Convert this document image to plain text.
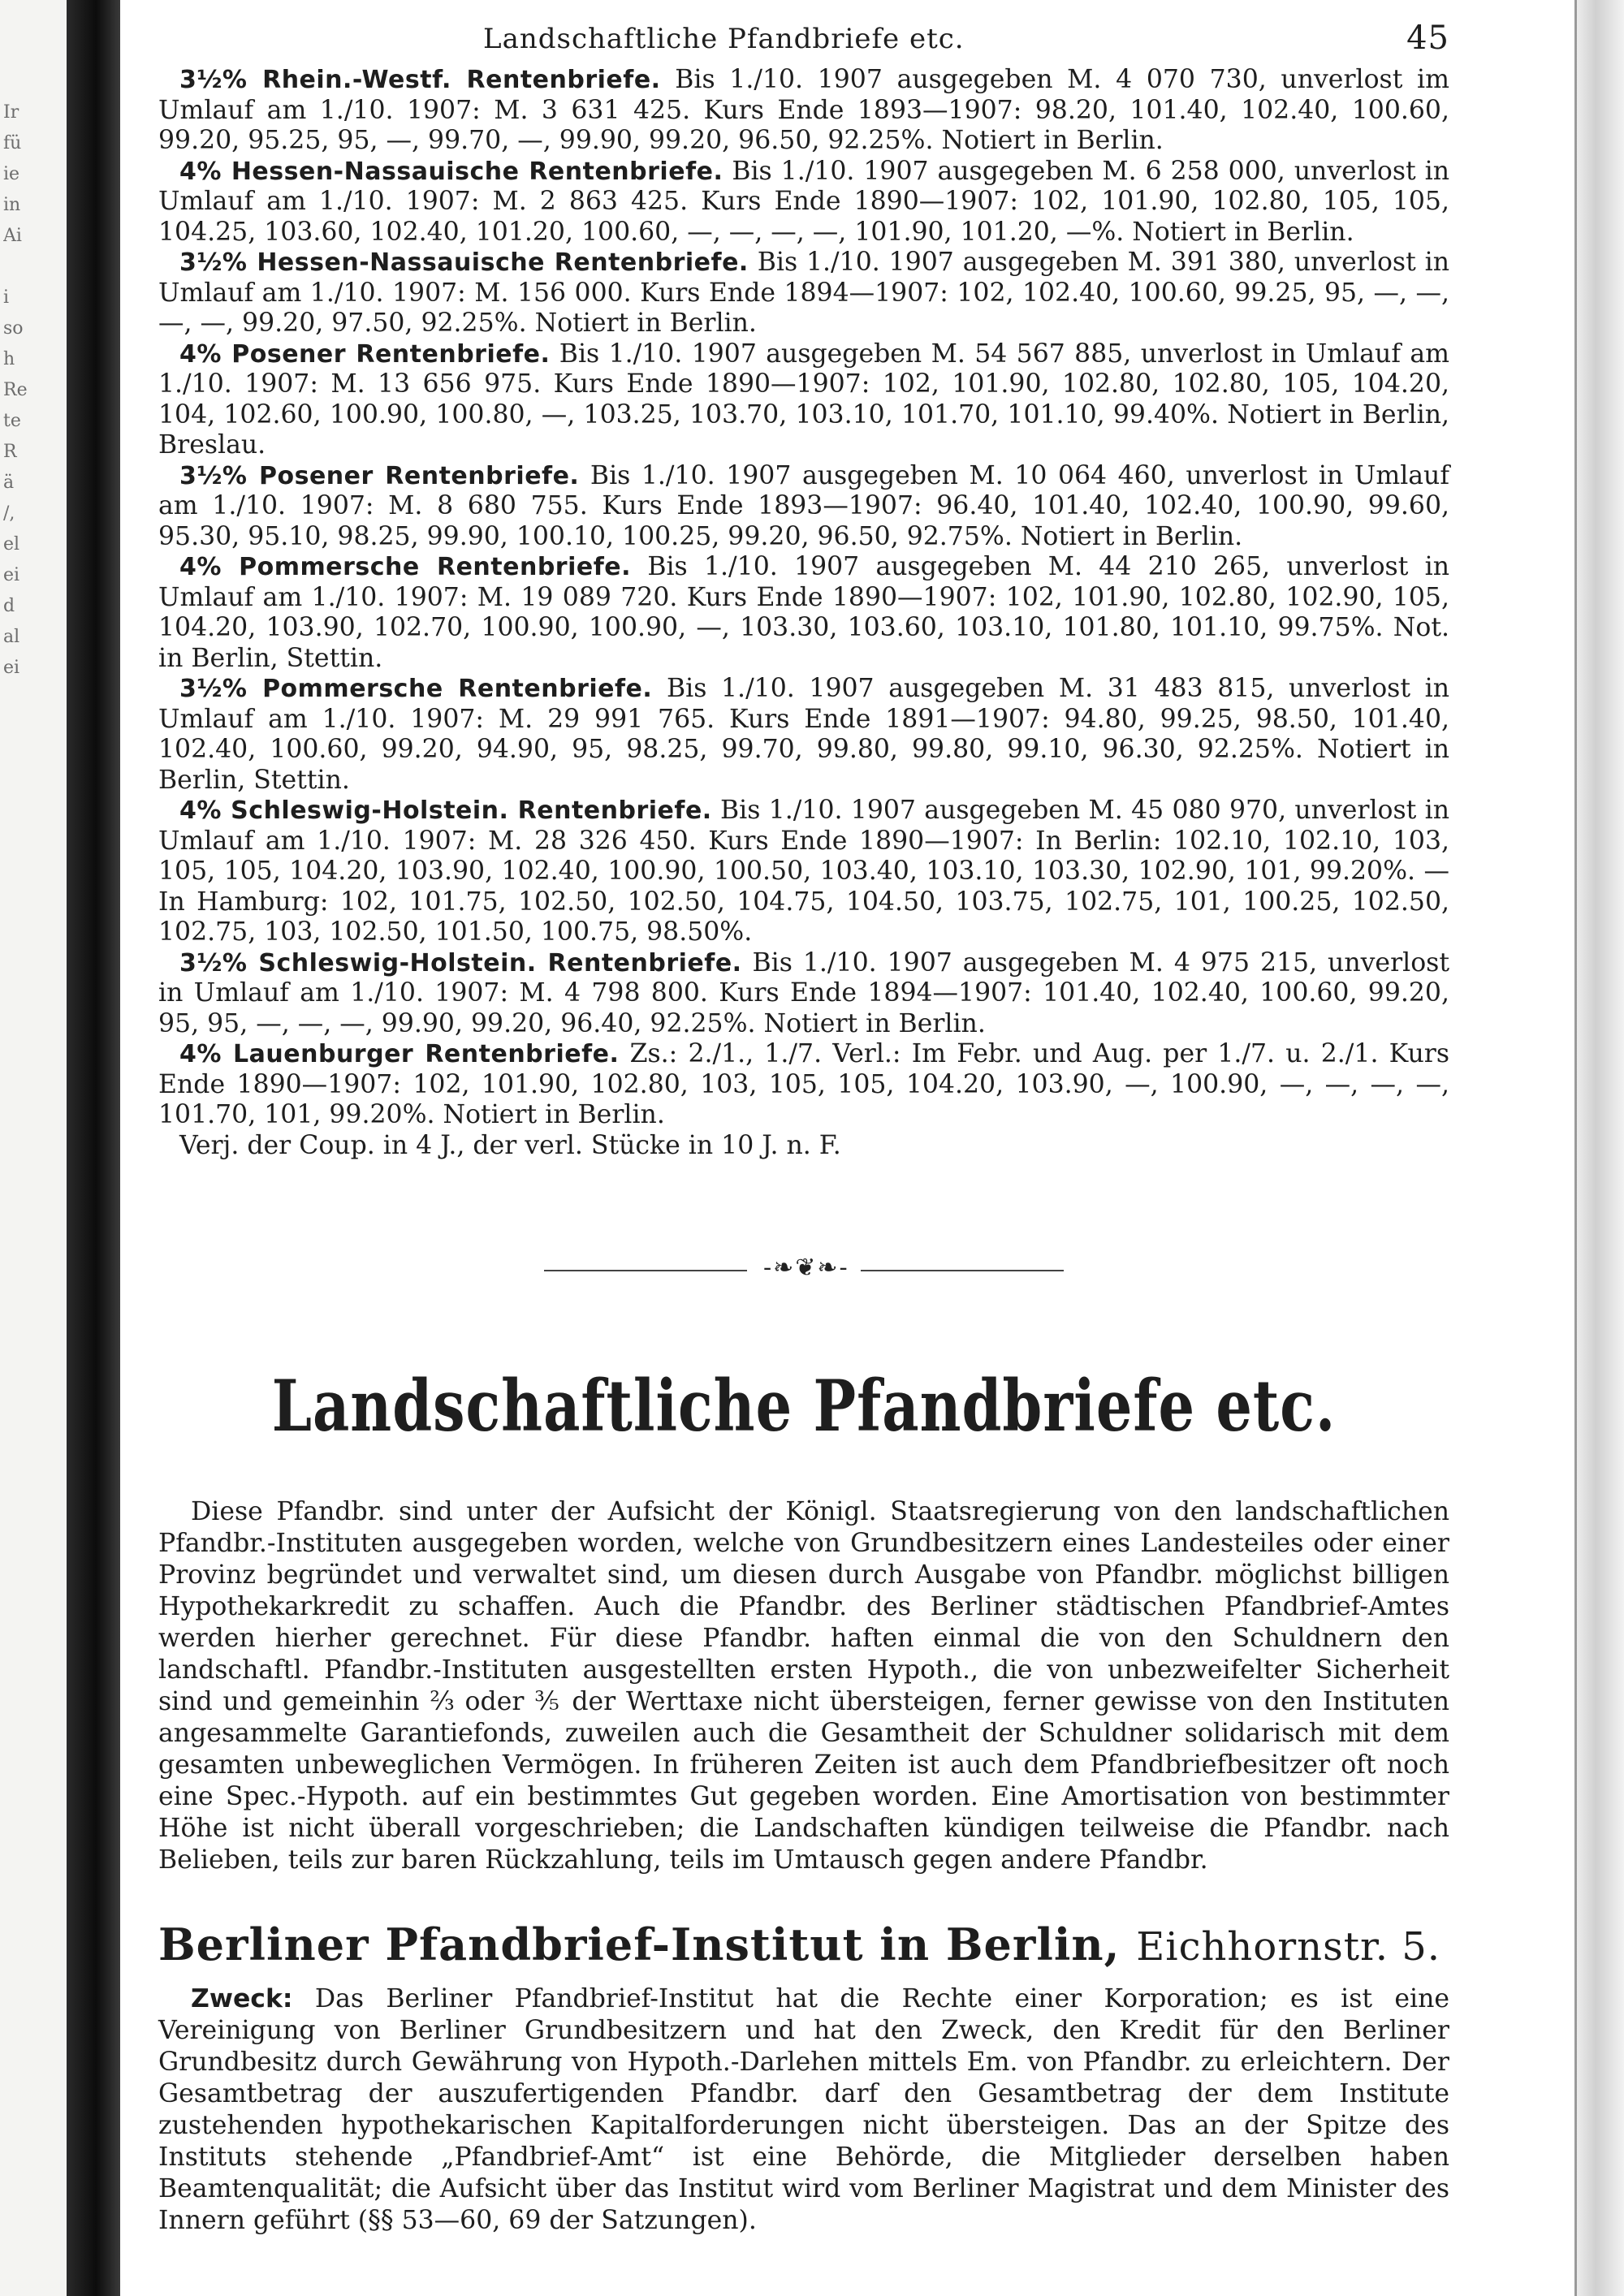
Ir
fü
ie
in
Ai

i
so
h
Re
te
R
ä
/,
el
ei
d
al
ei
Landschaftliche Pfandbriefe etc.	45

3½% Rhein.-Westf. Rentenbriefe. Bis 1./10. 1907 ausgegeben M. 4 070 730, unverlost im Umlauf am 1./10. 1907: M. 3 631 425. Kurs Ende 1893—1907: 98.20, 101.40, 102.40, 100.60, 99.20, 95.25, 95, —, 99.70, —, 99.90, 99.20, 96.50, 92.25%. Notiert in Berlin.

4% Hessen-Nassauische Rentenbriefe. Bis 1./10. 1907 ausgegeben M. 6 258 000, unverlost in Umlauf am 1./10. 1907: M. 2 863 425. Kurs Ende 1890—1907: 102, 101.90, 102.80, 105, 105, 104.25, 103.60, 102.40, 101.20, 100.60, —, —, —, —, 101.90, 101.20, —%. Notiert in Berlin.

3½% Hessen-Nassauische Rentenbriefe. Bis 1./10. 1907 ausgegeben M. 391 380, unverlost in Umlauf am 1./10. 1907: M. 156 000. Kurs Ende 1894—1907: 102, 102.40, 100.60, 99.25, 95, —, —, —, —, 99.20, 97.50, 92.25%. Notiert in Berlin.

4% Posener Rentenbriefe. Bis 1./10. 1907 ausgegeben M. 54 567 885, unverlost in Umlauf am 1./10. 1907: M. 13 656 975. Kurs Ende 1890—1907: 102, 101.90, 102.80, 102.80, 105, 104.20, 104, 102.60, 100.90, 100.80, —, 103.25, 103.70, 103.10, 101.70, 101.10, 99.40%. Notiert in Berlin, Breslau.

3½% Posener Rentenbriefe. Bis 1./10. 1907 ausgegeben M. 10 064 460, unverlost in Umlauf am 1./10. 1907: M. 8 680 755. Kurs Ende 1893—1907: 96.40, 101.40, 102.40, 100.90, 99.60, 95.30, 95.10, 98.25, 99.90, 100.10, 100.25, 99.20, 96.50, 92.75%. Notiert in Berlin.

4% Pommersche Rentenbriefe. Bis 1./10. 1907 ausgegeben M. 44 210 265, unverlost in Umlauf am 1./10. 1907: M. 19 089 720. Kurs Ende 1890—1907: 102, 101.90, 102.80, 102.90, 105, 104.20, 103.90, 102.70, 100.90, 100.90, —, 103.30, 103.60, 103.10, 101.80, 101.10, 99.75%. Not. in Berlin, Stettin.

3½% Pommersche Rentenbriefe. Bis 1./10. 1907 ausgegeben M. 31 483 815, unverlost in Umlauf am 1./10. 1907: M. 29 991 765. Kurs Ende 1891—1907: 94.80, 99.25, 98.50, 101.40, 102.40, 100.60, 99.20, 94.90, 95, 98.25, 99.70, 99.80, 99.80, 99.10, 96.30, 92.25%. Notiert in Berlin, Stettin.

4% Schleswig-Holstein. Rentenbriefe. Bis 1./10. 1907 ausgegeben M. 45 080 970, unverlost in Umlauf am 1./10. 1907: M. 28 326 450. Kurs Ende 1890—1907: In Berlin: 102.10, 102.10, 103, 105, 105, 104.20, 103.90, 102.40, 100.90, 100.50, 103.40, 103.10, 103.30, 102.90, 101, 99.20%. — In Hamburg: 102, 101.75, 102.50, 102.50, 104.75, 104.50, 103.75, 102.75, 101, 100.25, 102.50, 102.75, 103, 102.50, 101.50, 100.75, 98.50%.

3½% Schleswig-Holstein. Rentenbriefe. Bis 1./10. 1907 ausgegeben M. 4 975 215, unverlost in Umlauf am 1./10. 1907: M. 4 798 800. Kurs Ende 1894—1907: 101.40, 102.40, 100.60, 99.20, 95, 95, —, —, —, 99.90, 99.20, 96.40, 92.25%. Notiert in Berlin.

4% Lauenburger Rentenbriefe. Zs.: 2./1., 1./7. Verl.: Im Febr. und Aug. per 1./7. u. 2./1. Kurs Ende 1890—1907: 102, 101.90, 102.80, 103, 105, 105, 104.20, 103.90, —, 100.90, —, —, —, —, 101.70, 101, 99.20%. Notiert in Berlin.

Verj. der Coup. in 4 J., der verl. Stücke in 10 J. n. F.

-❧❦❧-
Landschaftliche Pfandbriefe etc.

Diese Pfandbr. sind unter der Aufsicht der Königl. Staatsregierung von den landschaftlichen Pfandbr.-Instituten ausgegeben worden, welche von Grundbesitzern eines Landesteiles oder einer Provinz begründet und verwaltet sind, um diesen durch Ausgabe von Pfandbr. möglichst billigen Hypothekarkredit zu schaffen. Auch die Pfandbr. des Berliner städtischen Pfandbrief-Amtes werden hierher gerechnet. Für diese Pfandbr. haften einmal die von den Schuldnern den landschaftl. Pfandbr.-Instituten ausgestellten ersten Hypoth., die von unbezweifelter Sicherheit sind und gemeinhin ⅔ oder ⅗ der Werttaxe nicht übersteigen, ferner gewisse von den Instituten angesammelte Garantiefonds, zuweilen auch die Gesamtheit der Schuldner solidarisch mit dem gesamten unbeweglichen Vermögen. In früheren Zeiten ist auch dem Pfandbriefbesitzer oft noch eine Spec.-Hypoth. auf ein bestimmtes Gut gegeben worden. Eine Amortisation von bestimmter Höhe ist nicht überall vorgeschrieben; die Landschaften kündigen teilweise die Pfandbr. nach Belieben, teils zur baren Rückzahlung, teils im Umtausch gegen andere Pfandbr.

Berliner Pfandbrief-Institut in Berlin, Eichhornstr. 5.

Zweck: Das Berliner Pfandbrief-Institut hat die Rechte einer Korporation; es ist eine Vereinigung von Berliner Grundbesitzern und hat den Zweck, den Kredit für den Berliner Grundbesitz durch Gewährung von Hypoth.-Darlehen mittels Em. von Pfandbr. zu erleichtern. Der Gesamtbetrag der auszufertigenden Pfandbr. darf den Gesamtbetrag der dem Institute zustehenden hypothekarischen Kapitalforderungen nicht übersteigen. Das an der Spitze des Instituts stehende „Pfandbrief-Amt“ ist eine Behörde, die Mitglieder derselben haben Beamtenqualität; die Aufsicht über das Institut wird vom Berliner Magistrat und dem Minister des Innern geführt (§§ 53—60, 69 der Satzungen).
